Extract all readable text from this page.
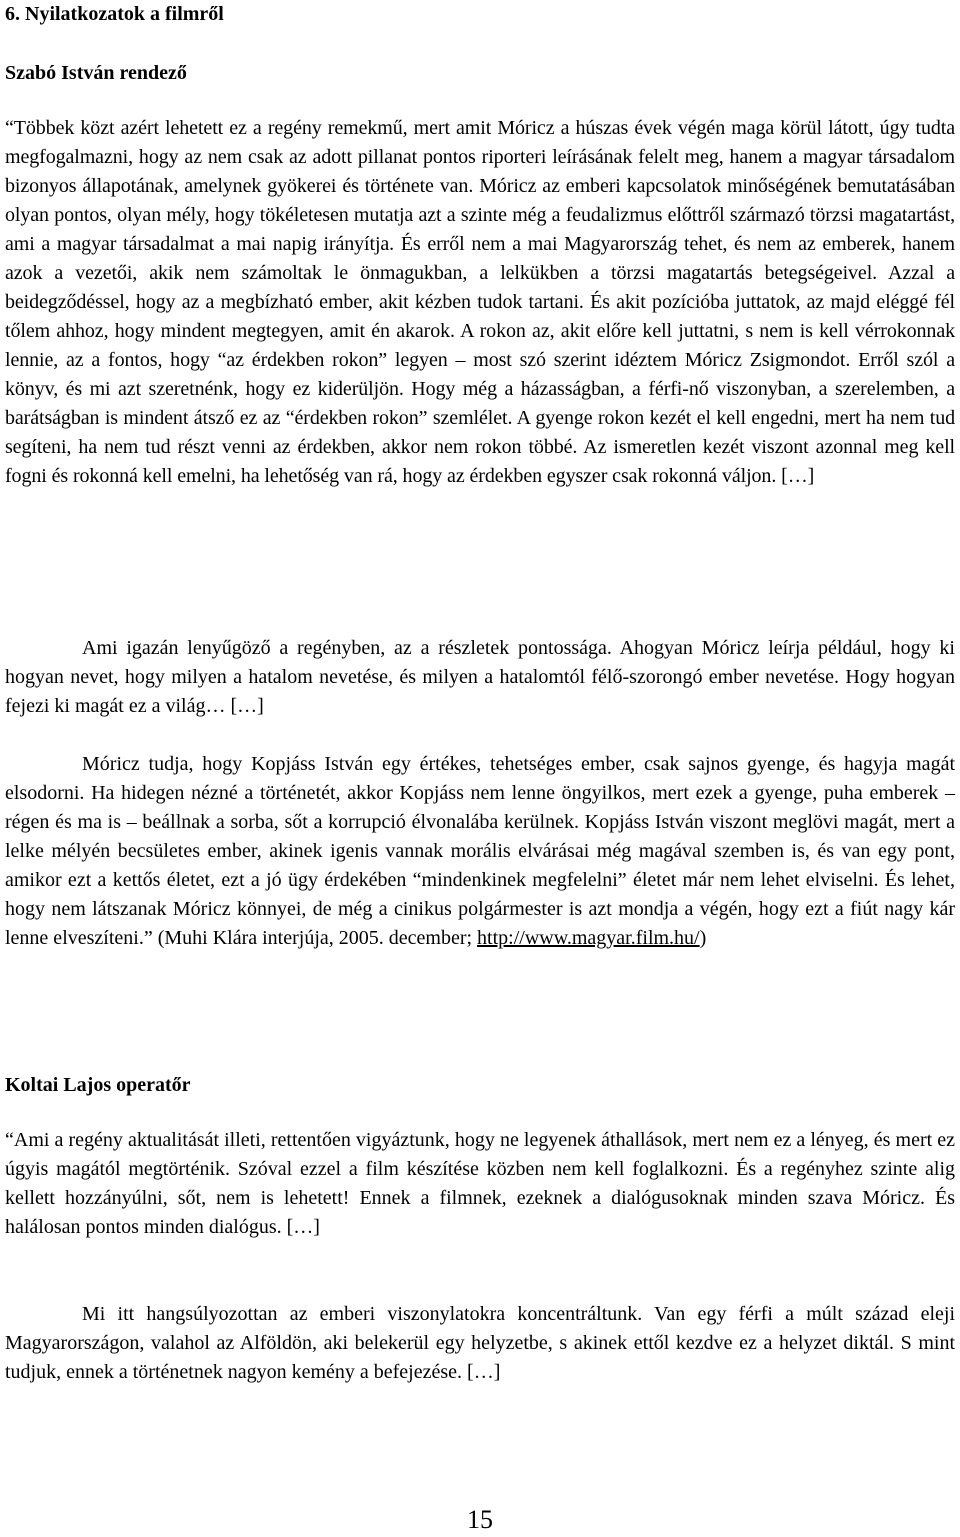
6. Nyilatkozatok a filmről
Szabó István rendező

“Többek közt azért lehetett ez a regény remekmű, mert amit Móricz a húszas évek végén maga körül látott, úgy tudta megfogalmazni, hogy az nem csak az adott pillanat pontos riporteri leírásának felelt meg, hanem a magyar társadalom bizonyos állapotának, amelynek gyökerei és története van. Móricz az emberi kapcsolatok minőségének bemutatásában olyan pontos, olyan mély, hogy tökéletesen mutatja azt a szinte még a feudalizmus előttről származó törzsi magatartást, ami a magyar társadalmat a mai napig irányítja. És erről nem a mai Magyarország tehet, és nem az emberek, hanem azok a vezetői, akik nem számoltak le önmagukban, a lelkükben a törzsi magatartás betegségeivel. Azzal a beidegződéssel, hogy az a megbízható ember, akit kézben tudok tartani. És akit pozícióba juttatok, az majd eléggé fél tőlem ahhoz, hogy mindent megtegyen, amit én akarok. A rokon az, akit előre kell juttatni, s nem is kell vérrokonnak lennie, az a fontos, hogy “az érdekben rokon” legyen – most szó szerint idéztem Móricz Zsigmondot. Erről szól a könyv, és mi azt szeretnénk, hogy ez kiderüljön. Hogy még a házasságban, a férfi-nő viszonyban, a szerelemben, a barátságban is mindent átsző ez az “érdekben rokon” szemlélet. A gyenge rokon kezét el kell engedni, mert ha nem tud segíteni, ha nem tud részt venni az érdekben, akkor nem rokon többé. Az ismeretlen kezét viszont azonnal meg kell fogni és rokonná kell emelni, ha lehetőség van rá, hogy az érdekben egyszer csak rokonná váljon. […]

Ami igazán lenyűgöző a regényben, az a részletek pontossága. Ahogyan Móricz leírja például, hogy ki hogyan nevet, hogy milyen a hatalom nevetése, és milyen a hatalomtól félő-szorongó ember nevetése. Hogy hogyan fejezi ki magát ez a világ… […]

Móricz tudja, hogy Kopjáss István egy értékes, tehetséges ember, csak sajnos gyenge, és hagyja magát elsodorni. Ha hidegen nézné a történetét, akkor Kopjáss nem lenne öngyilkos, mert ezek a gyenge, puha emberek – régen és ma is – beállnak a sorba, sőt a korrupció élvonalába kerülnek. Kopjáss István viszont meglövi magát, mert a lelke mélyén becsületes ember, akinek igenis vannak morális elvárásai még magával szemben is, és van egy pont, amikor ezt a kettős életet, ezt a jó ügy érdekében “mindenkinek megfelelni” életet már nem lehet elviselni. És lehet, hogy nem látszanak Móricz könnyei, de még a cinikus polgármester is azt mondja a végén, hogy ezt a fiút nagy kár lenne elveszíteni.” (Muhi Klára interjúja, 2005. december; http://www.magyar.film.hu/)

Koltai Lajos operatőr

“Ami a regény aktualitását illeti, rettentően vigyáztunk, hogy ne legyenek áthallások, mert nem ez a lényeg, és mert ez úgyis magától megtörténik. Szóval ezzel a film készítése közben nem kell foglalkozni. És a regényhez szinte alig kellett hozzányúlni, sőt, nem is lehetett! Ennek a filmnek, ezeknek a dialógusoknak minden szava Móricz. És halálosan pontos minden dialógus. […]

Mi itt hangsúlyozottan az emberi viszonylatokra koncentráltunk. Van egy férfi a múlt század eleji Magyarországon, valahol az Alföldön, aki belekerül egy helyzetbe, s akinek ettől kezdve ez a helyzet diktál. S mint tudjuk, ennek a történetnek nagyon kemény a befejezése. […]

15
